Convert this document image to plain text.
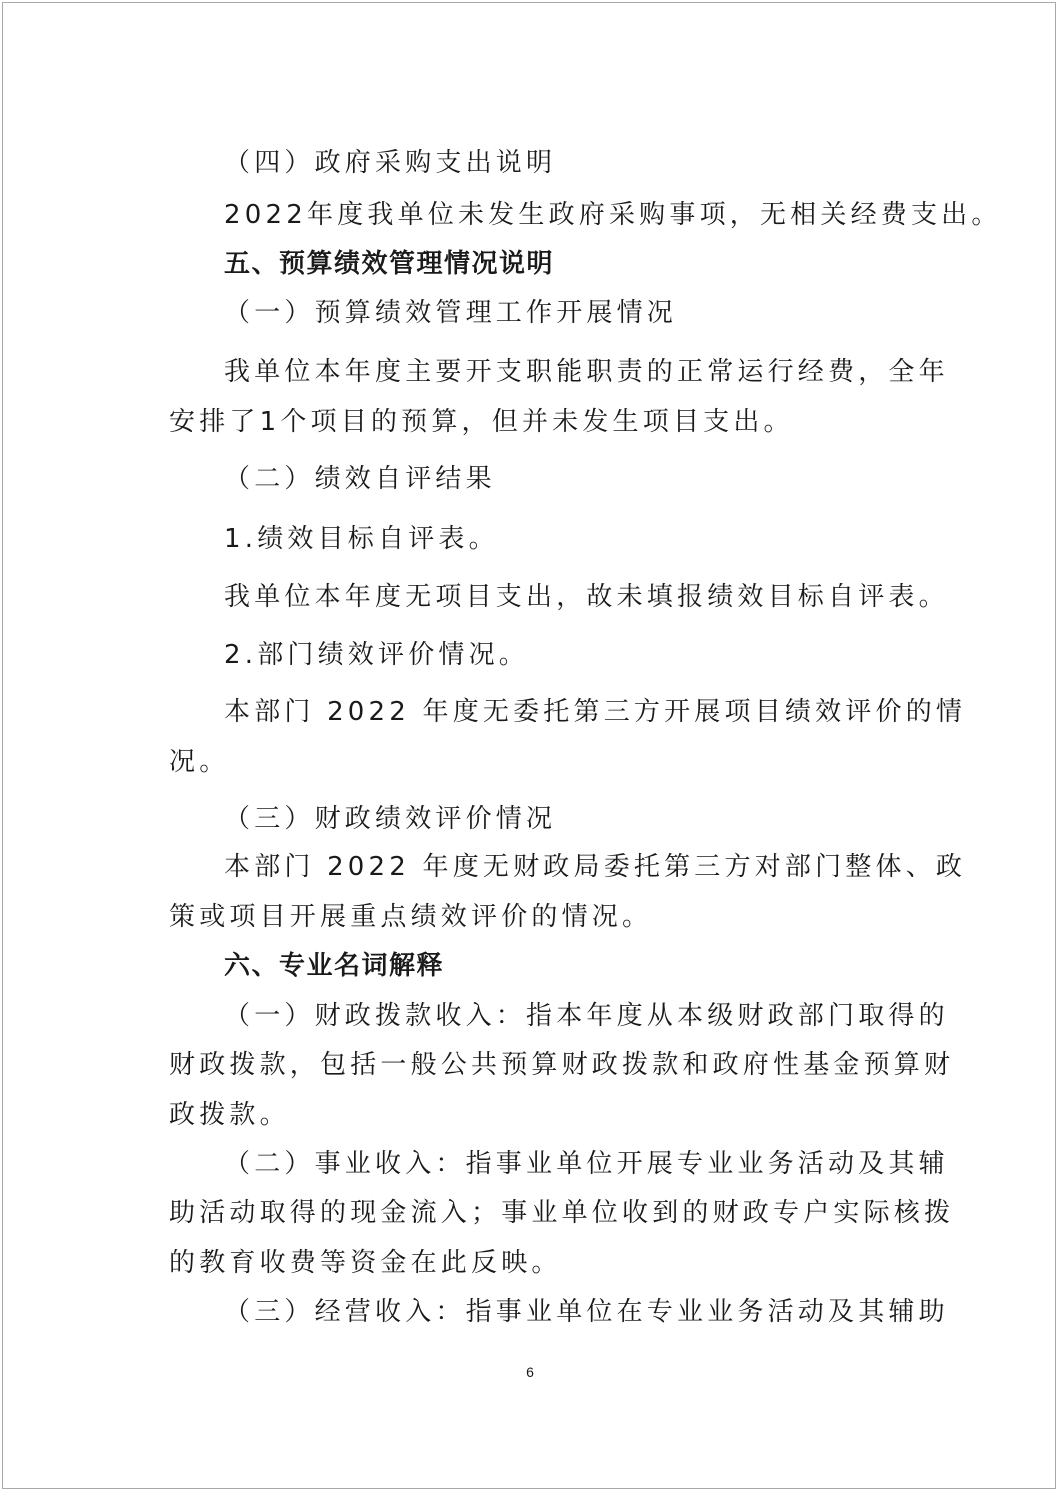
（四）政府采购支出说明
2022年度我单位未发生政府采购事项，无相关经费支出。
五、预算绩效管理情况说明
（一）预算绩效管理工作开展情况
我单位本年度主要开支职能职责的正常运行经费，全年
安排了1个项目的预算，但并未发生项目支出。
（二）绩效自评结果
1.绩效目标自评表。
我单位本年度无项目支出，故未填报绩效目标自评表。
2.部门绩效评价情况。
本部门 2022 年度无委托第三方开展项目绩效评价的情
况。
（三）财政绩效评价情况
本部门 2022 年度无财政局委托第三方对部门整体、政
策或项目开展重点绩效评价的情况。
六、专业名词解释
（一）财政拨款收入：指本年度从本级财政部门取得的
财政拨款，包括一般公共预算财政拨款和政府性基金预算财
政拨款。
（二）事业收入：指事业单位开展专业业务活动及其辅
助活动取得的现金流入；事业单位收到的财政专户实际核拨
的教育收费等资金在此反映。
（三）经营收入：指事业单位在专业业务活动及其辅助
6
